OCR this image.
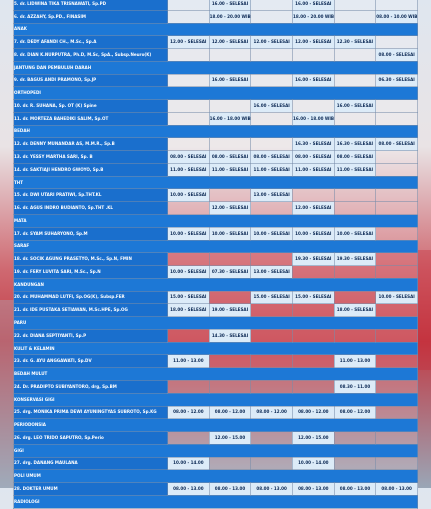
5. dr. LIDWINA TIKA TRISNAWATI, Sp.PD		16.00 - SELESAI		16.00 - SELESAI		
6. dr. AZZAHY, Sp.PD., FINASIM		18.00 - 20.00 WIB		18.00 - 20.00 WIB		08.00 - 10.00 WIB
ANAK						
7. dr. DEDY AFANDI CH., M.Sc., Sp.A	12.00 - SELESAI	12.00 - SELESAI	12.00 - SELESAI	12.00 - SELESAI	12.30 - SELESAI	
8. dr. DIAN K.NURPUTRA, Ph.D, M.Sc, SpA., Subsp.Neuro(K)						08.00 - SELESAI
JANTUNG DAN PEMBULUH DARAH						
9. dr. BAGUS ANDI PRAMONO, Sp.JP		16.00 - SELESAI		16.00 - SELESAI		06.30 - SELESAI
ORTHOPEDI						
10. dr. R. SUHANA, Sp. OT (K) Spine			16.00 - SELESAI		16.00 - SELESAI	
11. dr. MORTEZA BAHEDIKI SALIM, Sp.OT		16.00 - 18.00 WIB		16.00 - 18.00 WIB		
BEDAH						
12. dr. DENNY MUNANDAR AS, M.M.R., Sp.B				16.30 - SELESAI	16.30 - SELESAI	08.00 - SELESAI
13. dr. YESSY MARTHA SARI, Sp. B	08.00 - SELESAI	08.00 - SELESAI	08.00 - SELESAI	08.00 - SELESAI	08.00 - SELESAI	
14. dr. SAKTIAJI HENDRO GWOYO, Sp.B	11.00 - SELESAI	11.00 - SELESAI	11.00 - SELESAI	11.00 - SELESAI	11.00 - SELESAI	
THT						
15. dr. DWI UTARI PRATIWI, Sp.THT.KL	10.00 - SELESAI		13.00 - SELESAI			
16. dr. AGUS INDRO BUDIANTO, Sp.THT .KL		12.00 - SELESAI		12.00 - SELESAI		
MATA						
17. dr. SYAM SUHARYONO, Sp.M	10.00 - SELESAI	10.00 - SELESAI	10.00 - SELESAI	10.00 - SELESAI	10.00 - SELESAI	
SARAF						
18. dr. SOCIK AGUNG PRASETYO, M.Sc., Sp.N, FMIN				19.30 - SELESAI	19.30 - SELESAI	
19. dr. FERY LUVITA SARI, M.Sc., Sp.N	10.00 - SELESAI	07.30 - SELESAI	13.00 - SELESAI			
KANDUNGAN						
20. dr. MUHAMMAD LUTFI, Sp.OG(K), Subsp.FER	15.00 - SELESAI		15.00 - SELESAI	15.00 - SELESAI		10.00 - SELESAI
21. dr. IDE PUSTAKA SETIAWAN, M.Sc.HPE, Sp.OG	18.00 - SELESAI	19.00 - SELESAI			18.00 - SELESAI	
PARU						
22. dr. DIANA SEPTIYANTI, Sp.P		14.30 - SELESAI				
KULIT & KELAMIN						
23. dr. G. AYU ANGGAWATI, Sp.DV	11.00 - 13.00				11.00 - 13.00	
BEDAH MULUT						
24. Dr. PRADIPTO SUBIYANTORO, drg, Sp.BM					08.30 - 11.00	
KONSERVASI GIGI						
25. drg. MONIKA PRIMA DEWI AYUNINGTYAS SUBROTO, Sp.KG	08.00 - 12.00	08.00 - 12.00	08.00 - 12.00	08.00 - 12.00	08.00 - 12.00	
PERIODONSIA						
26. drg. LEO TRIDO SAPUTRO, Sp.Perio		12.00 - 15.00		12.00 - 15.00		
GIGI						
27. drg. DANANG MAULANA	10.00 - 14.00			10.00 - 14.00		
POLI UMUM						
28. DOKTER UMUM	08.00 - 13.00	08.00 - 13.00	08.00 - 13.00	08.00 - 13.00	08.00 - 13.00	08.00 - 13.00
RADIOLOGI						
